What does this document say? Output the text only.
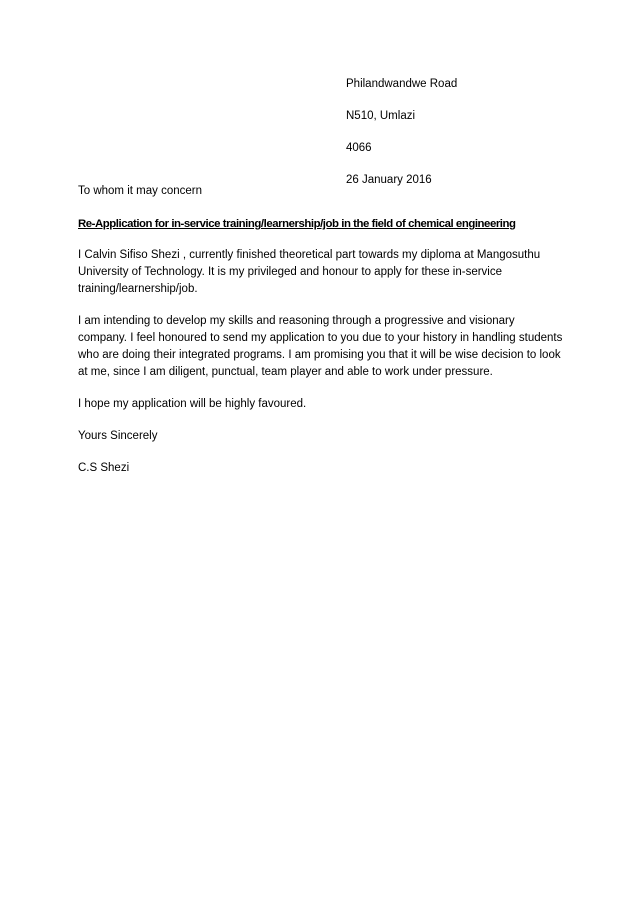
Philandwandwe Road
N510, Umlazi
4066
26 January 2016

To whom it may concern

Re-Application for in-service training/learnership/job in the field of chemical engineering

I Calvin Sifiso Shezi , currently finished theoretical part towards my diploma at Mangosuthu University of Technology. It is my privileged and honour to apply for these in-service training/learnership/job.

I am intending to develop my skills and reasoning through a progressive and visionary company. I feel honoured to send my application to you due to your history in handling students who are doing their integrated programs. I am promising you that it will be wise decision to look at me, since I am diligent, punctual, team player and able to work under pressure.

I hope my application will be highly favoured.

Yours Sincerely

C.S Shezi
